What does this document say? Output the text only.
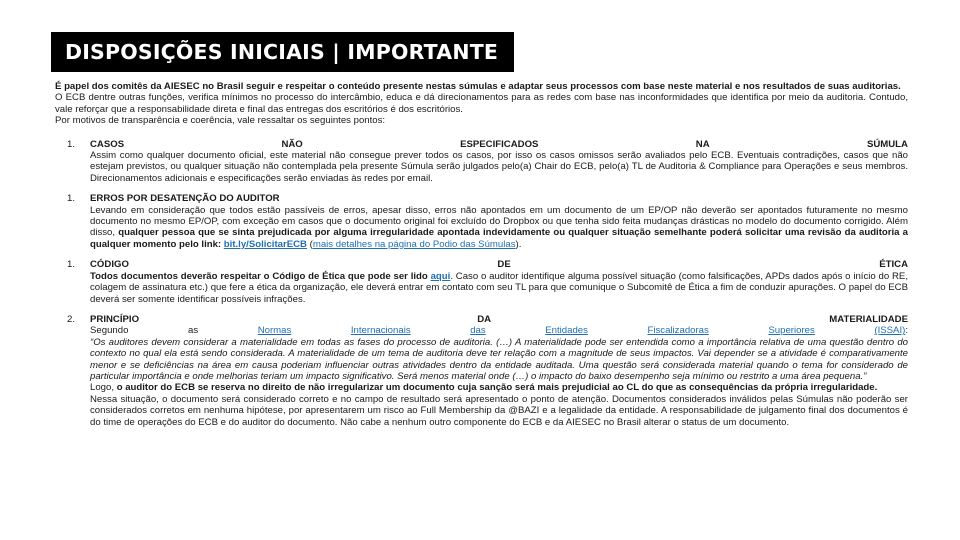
DISPOSIÇÕES INICIAIS | IMPORTANTE

É papel dos comitês da AIESEC no Brasil seguir e respeitar o conteúdo presente nestas súmulas e adaptar seus processos com base neste material e nos resultados de suas auditorias.

O ECB dentre outras funções, verifica mínimos no processo do intercâmbio, educa e dá direcionamentos para as redes com base nas inconformidades que identifica por meio da auditoria. Contudo, vale reforçar que a responsabilidade direta e final das entregas dos escritórios é dos escritórios.

Por motivos de transparência e coerência, vale ressaltar os seguintes pontos:

1.	CASOS	NÃO	ESPECIFICADOS	NA	SÚMULA

Assim como qualquer documento oficial, este material não consegue prever todos os casos, por isso os casos omissos serão avaliados pelo ECB. Eventuais contradições, casos que não estejam previstos, ou qualquer situação não contemplada pela presente Súmula serão julgados pelo(a) Chair do ECB, pelo(a) TL de Auditoria & Compliance para Operações e seus membros. Direcionamentos adicionais e especificações serão enviadas às redes por email.

1.	ERROS POR DESATENÇÃO DO AUDITOR

Levando em consideração que todos estão passíveis de erros, apesar disso, erros não apontados em um documento de um EP/OP não deverão ser apontados futuramente no mesmo documento no mesmo EP/OP, com exceção em casos que o documento original foi excluído do Dropbox ou que tenha sido feita mudanças drásticas no modelo do documento corrigido. Além disso, qualquer pessoa que se sinta prejudicada por alguma irregularidade apontada indevidamente ou qualquer situação semelhante poderá solicitar uma revisão da auditoria a qualquer momento pelo link: bit.ly/SolicitarECB (mais detalhes na página do Podio das Súmulas).

1.	CÓDIGO	DE	ÉTICA

Todos documentos deverão respeitar o Código de Ética que pode ser lido aqui. Caso o auditor identifique alguma possível situação (como falsificações, APDs dados após o início do RE, colagem de assinatura etc.) que fere a ética da organização, ele deverá entrar em contato com seu TL para que comunique o Subcomitê de Ética a fim de conduzir apurações. O papel do ECB deverá ser somente identificar possíveis infrações.

2.	PRINCÍPIO	DA	MATERIALIDADE
Segundo	as	Normas	Internacionais	das	Entidades	Fiscalizadoras	Superiores	(ISSAI):

“Os auditores devem considerar a materialidade em todas as fases do processo de auditoria. (…) A materialidade pode ser entendida como a importância relativa de uma questão dentro do contexto no qual ela está sendo considerada. A materialidade de um tema de auditoria deve ter relação com a magnitude de seus impactos. Vai depender se a atividade é comparativamente menor e se deficiências na área em causa poderiam influenciar outras atividades dentro da entidade auditada. Uma questão será considerada material quando o tema for considerado de particular importância e onde melhorias teriam um impacto significativo. Será menos material onde (…) o impacto do baixo desempenho seja mínimo ou restrito a uma área pequena.”

Logo, o auditor do ECB se reserva no direito de não irregularizar um documento cuja sanção será mais prejudicial ao CL do que as consequências da própria irregularidade.

Nessa situação, o documento será considerado correto e no campo de resultado será apresentado o ponto de atenção. Documentos considerados inválidos pelas Súmulas não poderão ser considerados corretos em nenhuma hipótese, por apresentarem um risco ao Full Membership da @BAZI e a legalidade da entidade. A responsabilidade de julgamento final dos documentos é do time de operações do ECB e do auditor do documento. Não cabe a nenhum outro componente do ECB e da AIESEC no Brasil alterar o status de um documento.
